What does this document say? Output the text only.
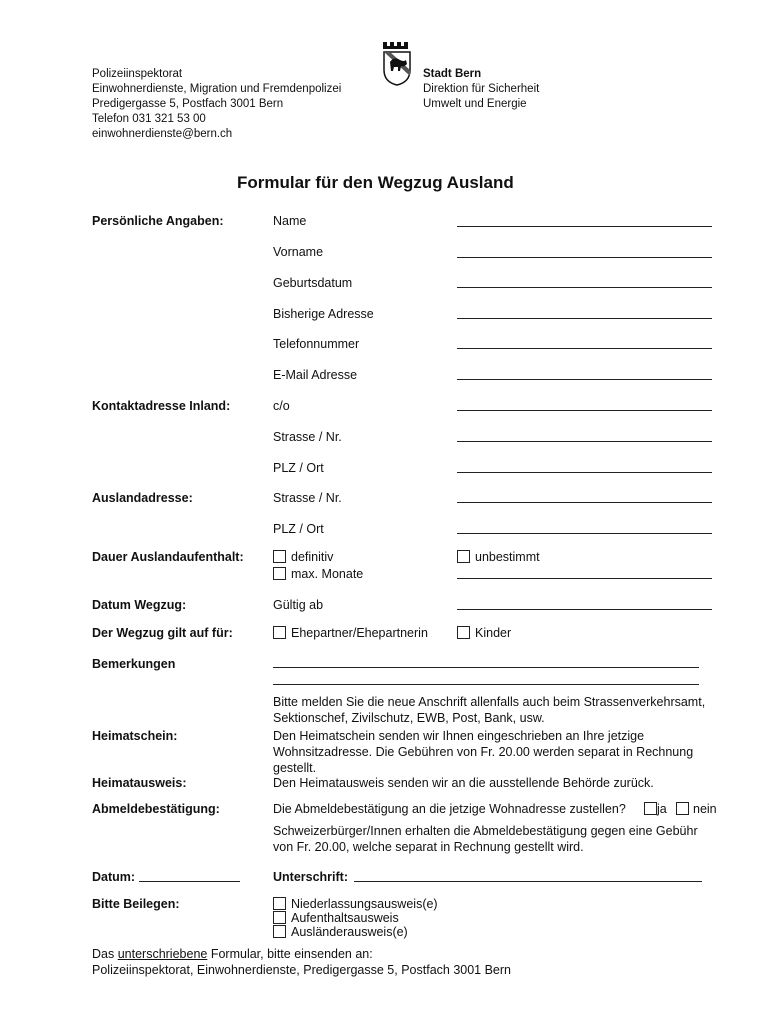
Polizeiinspektorat
Einwohnerdienste, Migration und Fremdenpolizei
Predigergasse 5, Postfach 3001 Bern
Telefon 031 321 53 00
einwohnerdienste@bern.ch
Stadt Bern
Direktion für Sicherheit
Umwelt und Energie
Formular für den Wegzug Ausland
Persönliche Angaben:	Name
Vorname
Geburtsdatum
Bisherige Adresse
Telefonnummer
E-Mail Adresse
Kontaktadresse Inland:	c/o
Strasse / Nr.
PLZ / Ort
Auslandadresse:	Strasse / Nr.
PLZ / Ort
Dauer Auslandaufenthalt:	definitiv	unbestimmt
max. Monate
Datum Wegzug:	Gültig ab
Der Wegzug gilt auf für:	Ehepartner/Ehepartnerin	Kinder
Bemerkungen
Bitte melden Sie die neue Anschrift allenfalls auch beim Strassenverkehrsamt,
Sektionschef, Zivilschutz, EWB, Post, Bank, usw.
Heimatschein:	Den Heimatschein senden wir Ihnen eingeschrieben an Ihre jetzige
Wohnsitzadresse. Die Gebühren von Fr. 20.00 werden separat in Rechnung
gestellt.
Heimatausweis:	Den Heimatausweis senden wir an die ausstellende Behörde zurück.
Abmeldebestätigung:	Die Abmeldebestätigung an die jetzige Wohnadresse zustellen? ja nein
Schweizerbürger/Innen erhalten die Abmeldebestätigung gegen eine Gebühr
von Fr. 20.00, welche separat in Rechnung gestellt wird.
Datum:	Unterschrift:
Bitte Beilegen:	Niederlassungsausweis(e)
Aufenthaltsausweis
Ausländerausweis(e)
Das unterschriebene Formular, bitte einsenden an:
Polizeiinspektorat, Einwohnerdienste, Predigergasse 5, Postfach 3001 Bern
